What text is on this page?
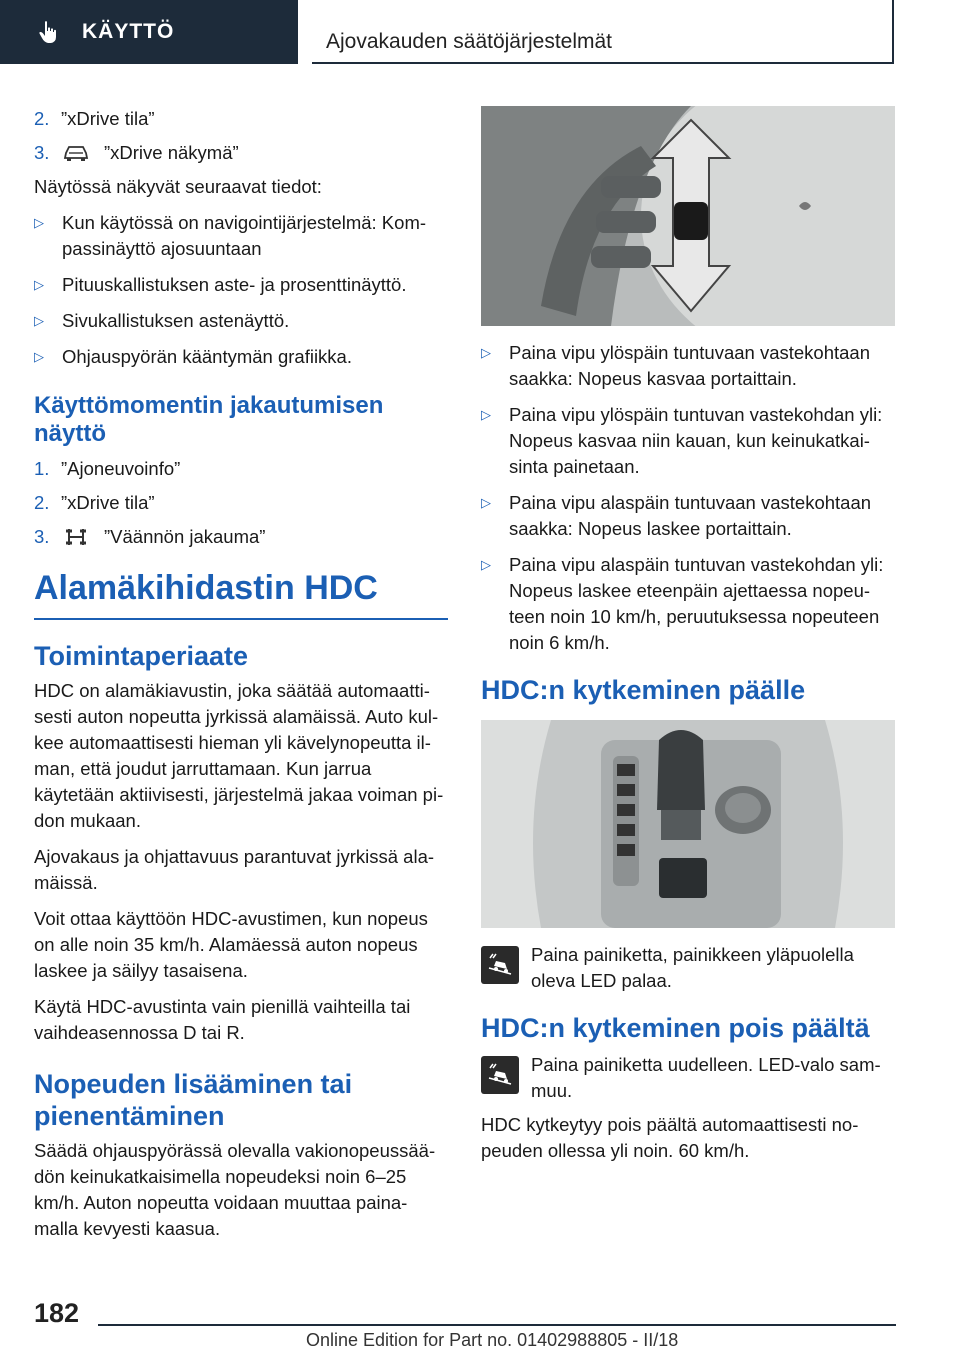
KÄYTTÖ	Ajovakauden säätöjärjestelmät
2. ”xDrive tila”
3.	”xDrive näkymä”

Näytössä näkyvät seuraavat tiedot:

▷ Kun käytössä on navigointijärjestelmä: Kom-passinäyttö ajosuuntaan
▷ Pituuskallistuksen aste- ja prosenttinäyttö.
▷ Sivukallistuksen astenäyttö.
▷ Ohjauspyörän kääntymän grafiikka.
Käyttömomentin jakautumisen näyttö
1. ”Ajoneuvoinfo”
2. ”xDrive tila”
3.	”Väännön jakauma”
Alamäkihidastin HDC
Toimintaperiaate

HDC on alamäkiavustin, joka säätää automaatti-sesti auton nopeutta jyrkissä alamäissä. Auto kul-kee automaattisesti hieman yli kävelynopeutta il-man, että joudut jarruttamaan. Kun jarrua käytetään aktiivisesti, järjestelmä jakaa voiman pi-don mukaan.

Ajovakaus ja ohjattavuus parantuvat jyrkissä ala-mäissä.

Voit ottaa käyttöön HDC-avustimen, kun nopeus on alle noin 35 km/h. Alamäessä auton nopeus laskee ja säilyy tasaisena.

Käytä HDC-avustinta vain pienillä vaihteilla tai vaihdeasennossa D tai R.

Nopeuden lisääminen tai pienentäminen

Säädä ohjauspyörässä olevalla vakionopeussää-dön keinukatkaisimella nopeudeksi noin 6–25 km/h. Auton nopeutta voidaan muuttaa paina-malla kevyesti kaasua.

▷ Paina vipu ylöspäin tuntuvaan vastekohtaan saakka: Nopeus kasvaa portaittain.
▷ Paina vipu ylöspäin tuntuvan vastekohdan yli: Nopeus kasvaa niin kauan, kun keinukatkai-sinta painetaan.
▷ Paina vipu alaspäin tuntuvaan vastekohtaan saakka: Nopeus laskee portaittain.
▷ Paina vipu alaspäin tuntuvan vastekohdan yli: Nopeus laskee eteenpäin ajettaessa nopeu-teen noin 10 km/h, peruutuksessa nopeuteen noin 6 km/h.
HDC:n kytkeminen päälle
Paina painiketta, painikkeen yläpuolella oleva LED palaa.
HDC:n kytkeminen pois päältä
Paina painiketta uudelleen. LED-valo sam-muu.

HDC kytkeytyy pois päältä automaattisesti no-peuden ollessa yli noin. 60 km/h.

182
Online Edition for Part no. 01402988805 - II/18
